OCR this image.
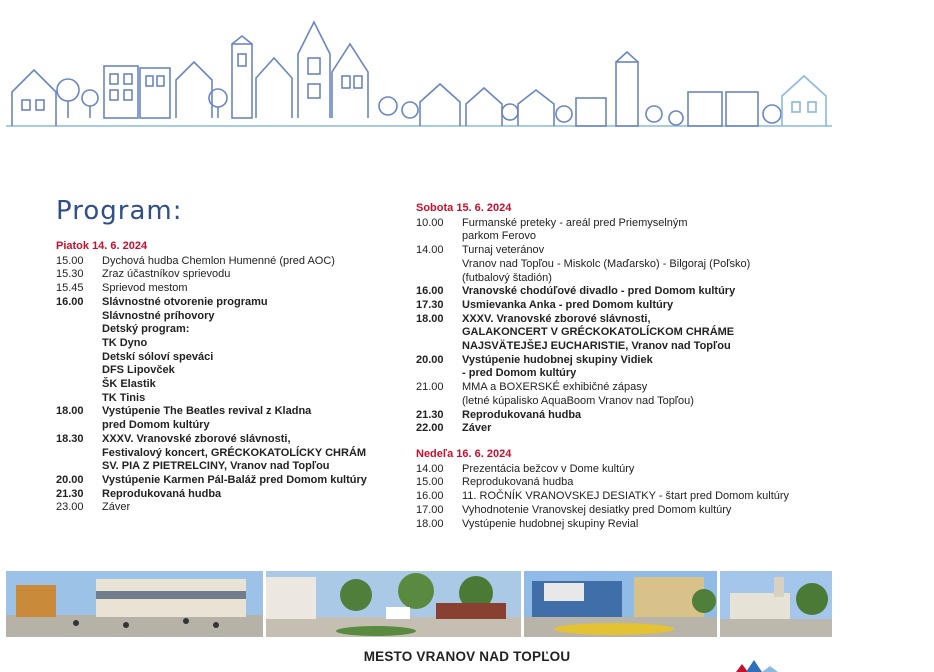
Program:
Piatok 14. 6. 2024
15.00	Dychová hudba Chemlon Humenné (pred AOC)
15.30	Zraz účastníkov sprievodu
15.45	Sprievod mestom
16.00	Slávnostné otvorenie programu
Slávnostné príhovory
Detský program:
TK Dyno
Detskí sóloví speváci
DFS Lipovček
ŠK Elastik
TK Tinis
18.00	Vystúpenie The Beatles revival z Kladna
pred Domom kultúry
18.30	XXXV. Vranovské zborové slávnosti,
Festivalový koncert, GRÉCKOKATOLÍCKY CHRÁM
SV. PIA Z PIETRELCINY, Vranov nad Topľou
20.00	Vystúpenie Karmen Pál-Baláž pred Domom kultúry
21.30	Reprodukovaná hudba
23.00	Záver
Sobota 15. 6. 2024
10.00	Furmanské preteky - areál pred Priemyselným
parkom Ferovo
14.00	Turnaj veteránov
Vranov nad Topľou - Miskolc (Maďarsko) - Bilgoraj (Poľsko)
(futbalový štadión)
16.00	Vranovské chodúľové divadlo - pred Domom kultúry
17.30	Usmievanka Anka - pred Domom kultúry
18.00	XXXV. Vranovské zborové slávnosti,
GALAKONCERT V GRÉCKOKATOLÍCKOM CHRÁME
NAJSVÄTEJŠEJ EUCHARISTIE, Vranov nad Topľou
20.00	Vystúpenie hudobnej skupiny Vidiek
- pred Domom kultúry
21.00	MMA a BOXERSKÉ exhibičné zápasy
(letné kúpalisko AquaBoom Vranov nad Topľou)
21.30	Reprodukovaná hudba
22.00	Záver
Nedeľa 16. 6. 2024
14.00	Prezentácia bežcov v Dome kultúry
15.00	Reprodukovaná hudba
16.00	11. ROČNÍK VRANOVSKEJ DESIATKY - štart pred Domom kultúry
17.00	Vyhodnotenie Vranovskej desiatky pred Domom kultúry
18.00	Vystúpenie hudobnej skupiny Revial
MESTO VRANOV NAD TOPĽOU
